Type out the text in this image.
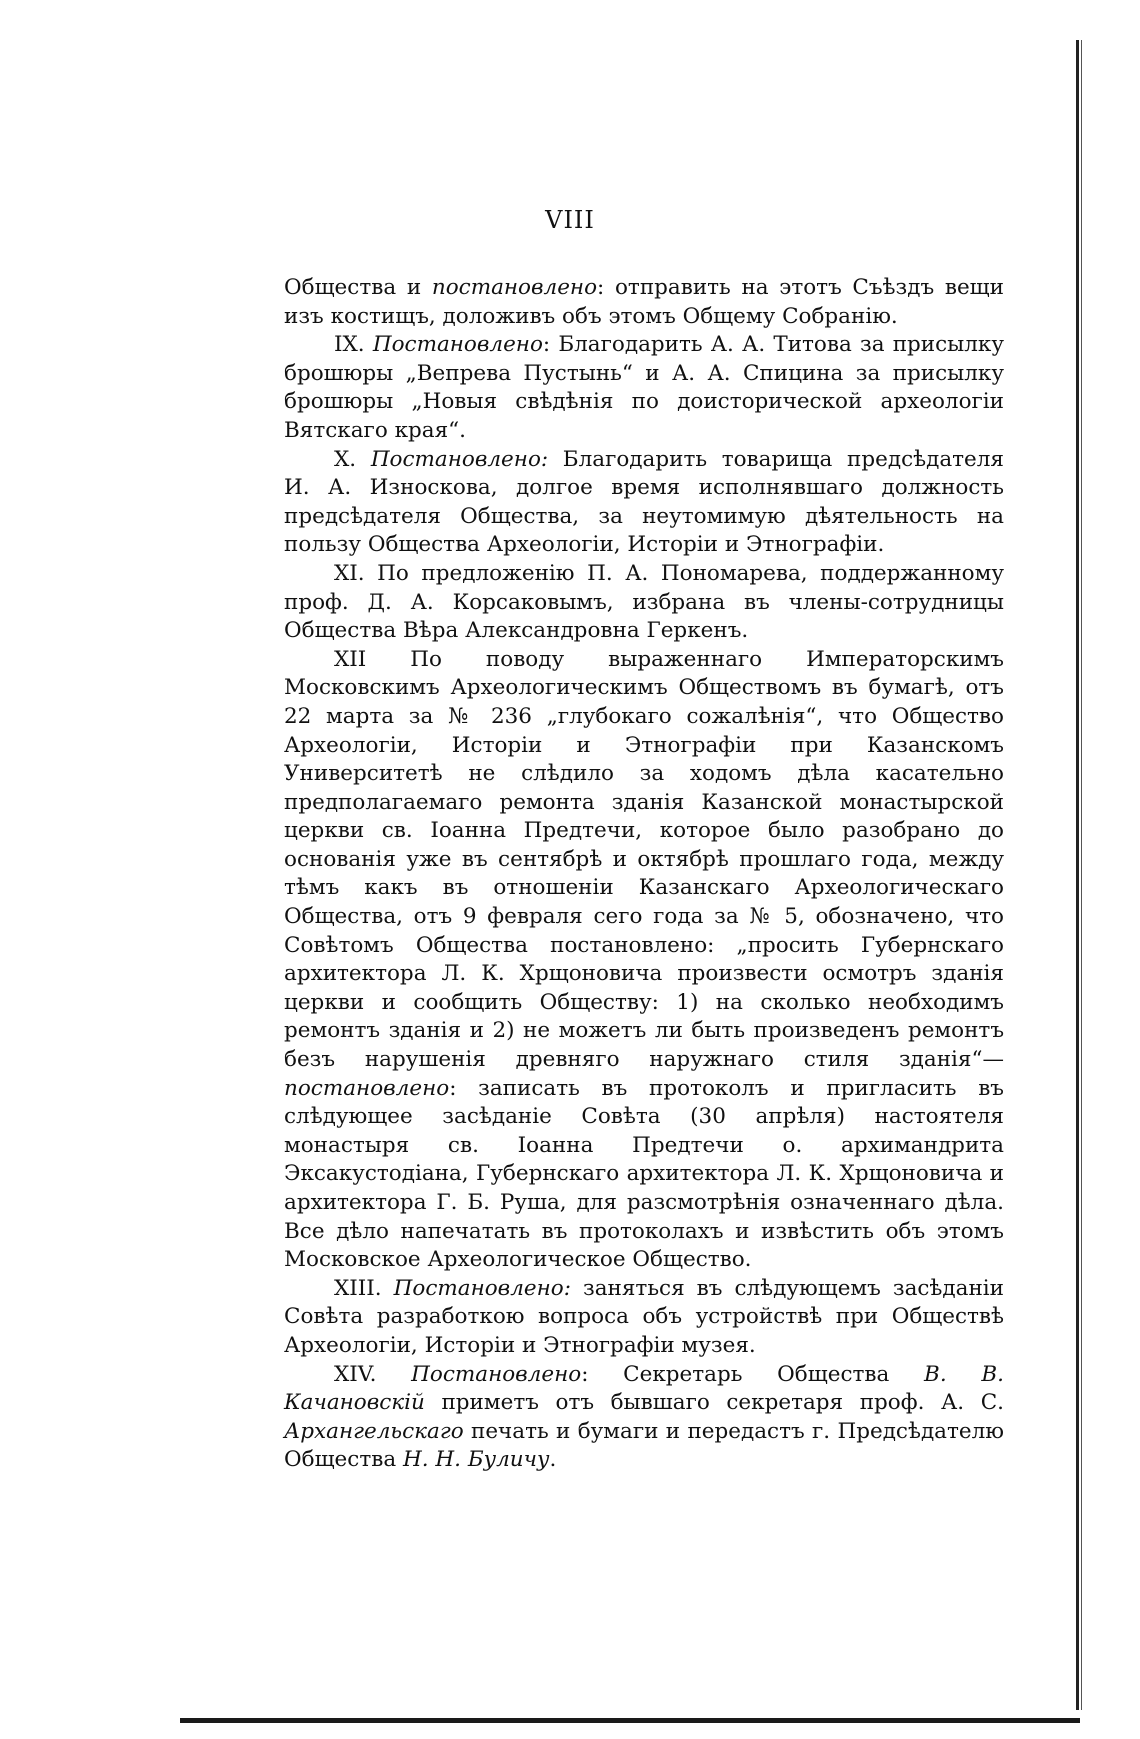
VIII

Общества и постановлено: отправить на этотъ Съѣздъ вещи изъ костищъ, доложивъ объ этомъ Общему Собранію.

IX. Постановлено: Благодарить А. А. Титова за присылку брошюры „Вепрева Пустынь“ и А. А. Спицина за присылку брошюры „Новыя свѣдѣнія по доисторической археологіи Вятскаго края“.

X. Постановлено: Благодарить товарища предсѣдателя И. А. Износкова, долгое время исполнявшаго должность предсѣдателя Общества, за неутомимую дѣятельность на пользу Общества Археологіи, Исторіи и Этнографіи.

XI. По предложенію П. А. Пономарева, поддержанному проф. Д. А. Корсаковымъ, избрана въ члены-сотрудницы Общества Вѣра Александровна Геркенъ.

XII По поводу выраженнаго Императорскимъ Московскимъ Археологическимъ Обществомъ въ бумагѣ, отъ 22 марта за № 236 „глубокаго сожалѣнія“, что Общество Археологіи, Исторіи и Этнографіи при Казанскомъ Университетѣ не слѣдило за ходомъ дѣла касательно предполагаемаго ремонта зданія Казанской монастырской церкви св. Іоанна Предтечи, которое было разобрано до основанія уже въ сентябрѣ и октябрѣ прошлаго года, между тѣмъ какъ въ отношеніи Казанскаго Археологическаго Общества, отъ 9 февраля сего года за № 5, обозначено, что Совѣтомъ Общества постановлено: „просить Губернскаго архитектора Л. К. Хрщоновича произвести осмотръ зданія церкви и сообщить Обществу: 1) на сколько необходимъ ремонтъ зданія и 2) не можетъ ли быть произведенъ ремонтъ безъ нарушенія древняго наружнаго стиля зданія“—постановлено: записать въ протоколъ и пригласить въ слѣдующее засѣданіе Совѣта (30 апрѣля) настоятеля монастыря св. Іоанна Предтечи о. архимандрита Эксакустодіана, Губернскаго архитектора Л. К. Хрщоновича и архитектора Г. Б. Руша, для разсмотрѣнія означеннаго дѣла. Все дѣло напечатать въ протоколахъ и извѣстить объ этомъ Московское Археологическое Общество.

XIII. Постановлено: заняться въ слѣдующемъ засѣданіи Совѣта разработкою вопроса объ устройствѣ при Обществѣ Археологіи, Исторіи и Этнографіи музея.

XIV. Постановлено: Секретарь Общества В. В. Качановскій приметъ отъ бывшаго секретаря проф. А. С. Архангельскаго печать и бумаги и передастъ г. Предсѣдателю Общества Н. Н. Буличу.
